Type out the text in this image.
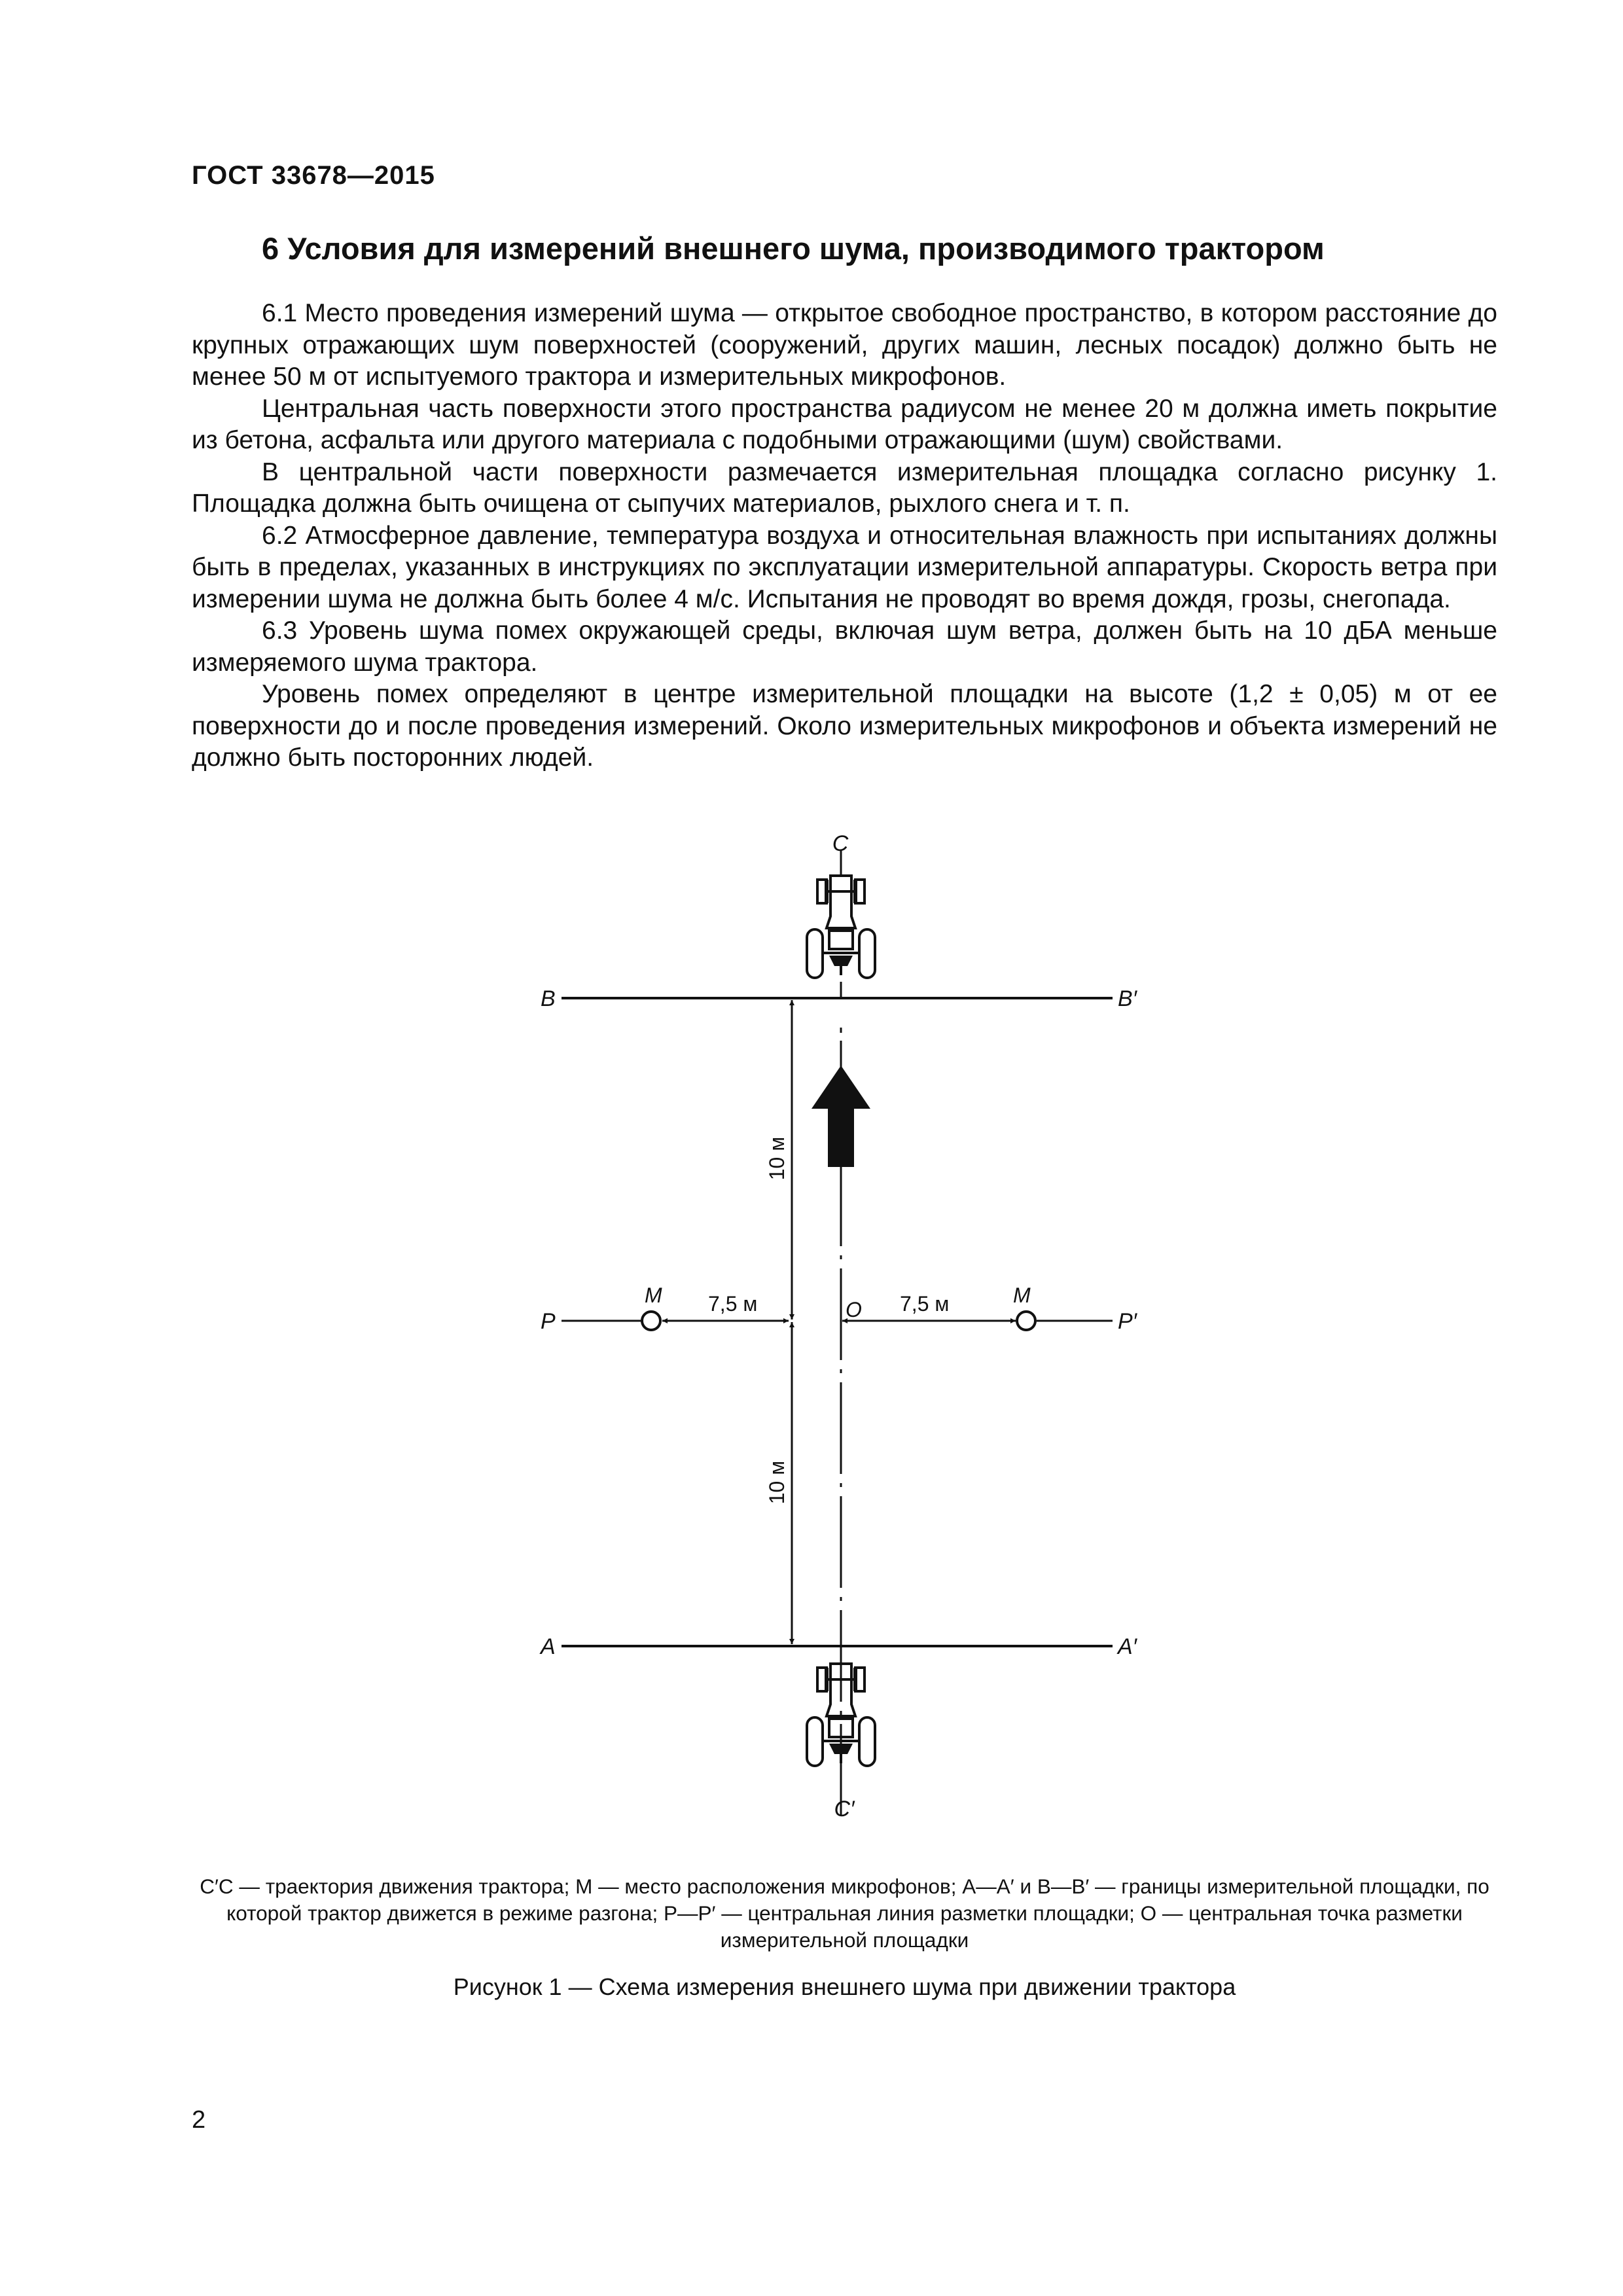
ГОСТ 33678—2015
6 Условия для измерений внешнего шума, производимого трактором

6.1 Место проведения измерений шума — открытое свободное пространство, в котором расстояние до крупных отражающих шум поверхностей (сооружений, других машин, лесных посадок) должно быть не менее 50 м от испытуемого трактора и измерительных микрофонов.

Центральная часть поверхности этого пространства радиусом не менее 20 м должна иметь покрытие из бетона, асфальта или другого материала с подобными отражающими (шум) свойствами.

В центральной части поверхности размечается измерительная площадка согласно рисунку 1. Площадка должна быть очищена от сыпучих материалов, рыхлого снега и т. п.

6.2 Атмосферное давление, температура воздуха и относительная влажность при испытаниях должны быть в пределах, указанных в инструкциях по эксплуатации измерительной аппаратуры. Скорость ветра при измерении шума не должна быть более 4 м/с. Испытания не проводят во время дождя, грозы, снегопада.

6.3 Уровень шума помех окружающей среды, включая шум ветра, должен быть на 10 дБА меньше измеряемого шума трактора.

Уровень помех определяют в центре измерительной площадки на высоте (1,2 ± 0,05) м от ее поверхности до и после проведения измерений. Около измерительных микрофонов и объекта измерений не должно быть посторонних людей.

C
C′
B	B′
P	P′
A	A′
M	M
O
7,5 м	7,5 м
10 м
10 м
C′C — траектория движения трактора; M — место расположения микрофонов; A—A′ и B—B′ — границы измерительной площадки, по которой трактор движется в режиме разгона; P—P′ — центральная линия разметки площадки; O — центральная точка разметки измерительной площадки
Рисунок 1 — Схема измерения внешнего шума при движении трактора
2
